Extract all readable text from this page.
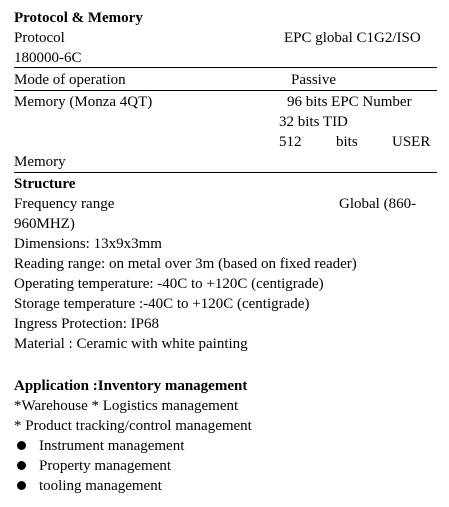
Protocol & Memory
Protocol	EPC global C1G2/ISO
180000-6C
Mode of operation	Passive
Memory (Monza 4QT)	96 bits EPC Number
32 bits TID
512 bits USER
Memory
Structure
Frequency range	Global (860-
960MHZ)
Dimensions: 13x9x3mm
Reading range: on metal over 3m (based on fixed reader)
Operating temperature: -40C to +120C (centigrade)
Storage temperature :-40C to +120C (centigrade)
Ingress Protection: IP68
Material : Ceramic with white painting
Application :Inventory management
*Warehouse * Logistics management
* Product tracking/control management
Instrument management
Property management
tooling management
